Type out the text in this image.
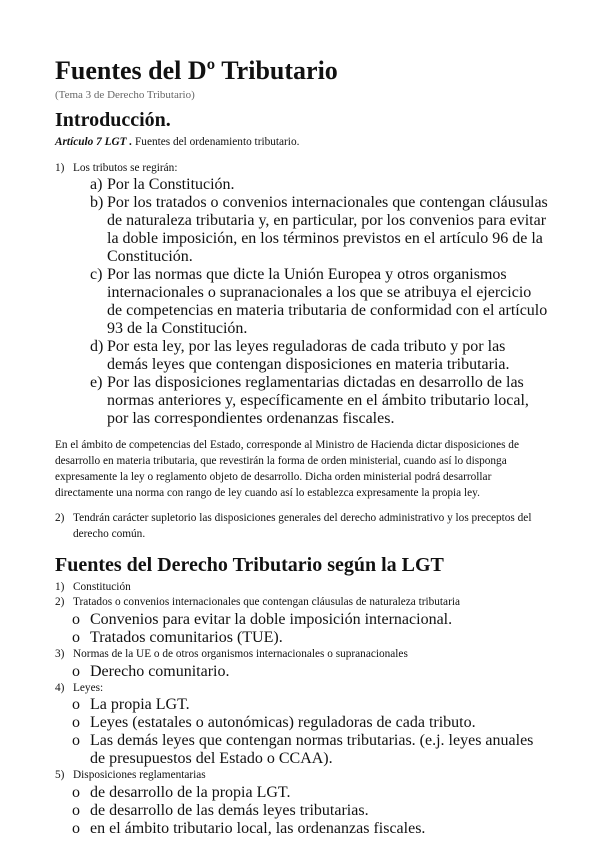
Fuentes del Dº Tributario
(Tema 3 de Derecho Tributario)
Introducción.

Artículo 7 LGT . Fuentes del ordenamiento tributario.

1) Los tributos se regirán:
a) Por la Constitución.
b) Por los tratados o convenios internacionales que contengan cláusulas de naturaleza tributaria y, en particular, por los convenios para evitar la doble imposición, en los términos previstos en el artículo 96 de la Constitución.
c) Por las normas que dicte la Unión Europea y otros organismos internacionales o supranacionales a los que se atribuya el ejercicio de competencias en materia tributaria de conformidad con el artículo 93 de la Constitución.
d) Por esta ley, por las leyes reguladoras de cada tributo y por las demás leyes que contengan disposiciones en materia tributaria.
e) Por las disposiciones reglamentarias dictadas en desarrollo de las normas anteriores y, específicamente en el ámbito tributario local, por las correspondientes ordenanzas fiscales.

En el ámbito de competencias del Estado, corresponde al Ministro de Hacienda dictar disposiciones de desarrollo en materia tributaria, que revestirán la forma de orden ministerial, cuando así lo disponga expresamente la ley o reglamento objeto de desarrollo. Dicha orden ministerial podrá desarrollar directamente una norma con rango de ley cuando así lo establezca expresamente la propia ley.

2) Tendrán carácter supletorio las disposiciones generales del derecho administrativo y los preceptos del derecho común.
Fuentes del Derecho Tributario según la LGT
1) Constitución
2) Tratados o convenios internacionales que contengan cláusulas de naturaleza tributaria
o Convenios para evitar la doble imposición internacional.
o Tratados comunitarios (TUE).
3) Normas de la UE o de otros organismos internacionales o supranacionales
o Derecho comunitario.
4) Leyes:
o La propia LGT.
o Leyes (estatales o autonómicas) reguladoras de cada tributo.
o Las demás leyes que contengan normas tributarias. (e.j. leyes anuales de presupuestos del Estado o CCAA).
5) Disposiciones reglamentarias
o de desarrollo de la propia LGT.
o de desarrollo de las demás leyes tributarias.
o en el ámbito tributario local, las ordenanzas fiscales.
